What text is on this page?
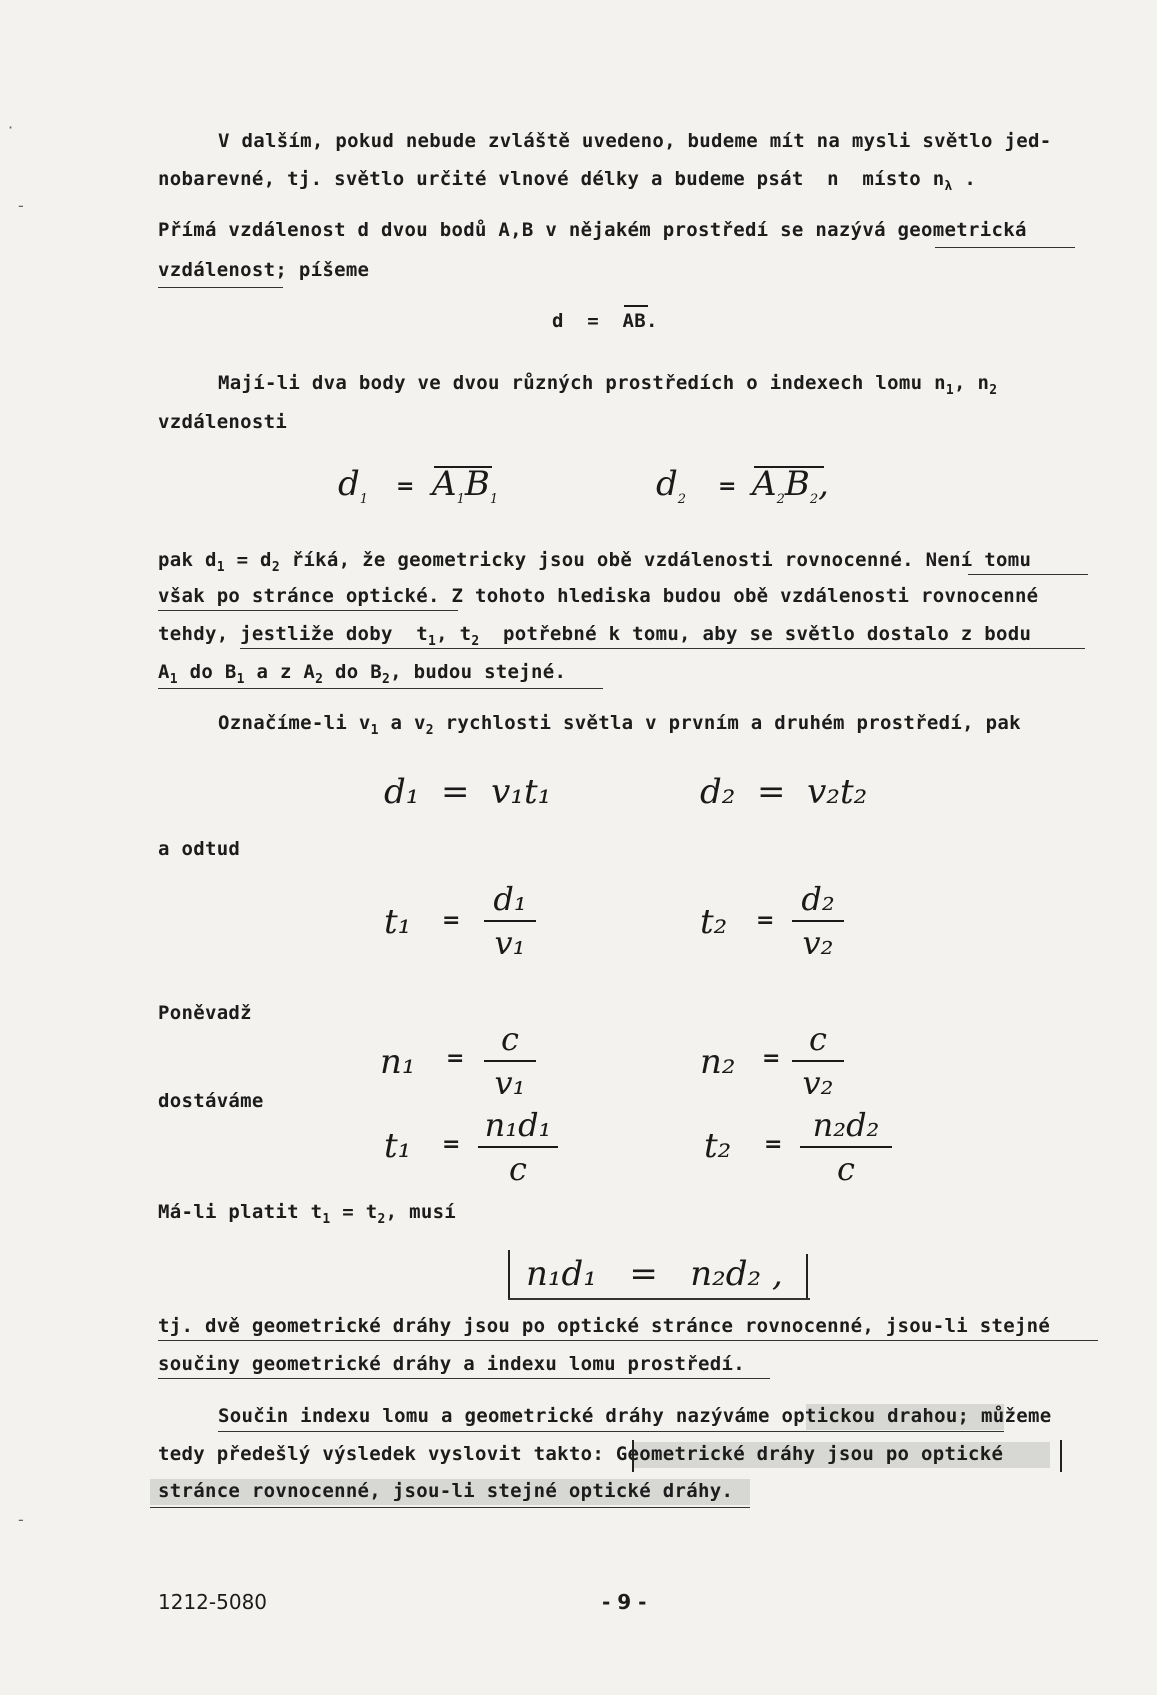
·
‑
‑
V dalším, pokud nebude zvláště uvedeno, budeme mít na mysli světlo jed-
nobarevné, tj. světlo určité vlnové délky a budeme psát  n  místo $n_\lambda$ .
Přímá vzdálenost d dvou bodů A,B v nějakém prostředí se nazývá geometrická
vzdálenost; píšeme
d = AB.
Mají-li dva body ve dvou různých prostředích o indexech lomu $n_1$, $n_2$
vzdálenosti
$d_1$
= $A_1B_1$	$d_2$
= $A_2B_2$,
pak $d_1 = d_2$ říká, že geometricky jsou obě vzdálenosti rovnocenné. Není tomu
však po stránce optické. Z tohoto hlediska budou obě vzdálenosti rovnocenné
tehdy, jestliže doby  $t_1$, $t_2$  potřebné k tomu, aby se světlo dostalo z bodu
$A_1$ do $B_1$ a z $A_2$ do $B_2$, budou stejné.
Označíme-li $v_1$ a $v_2$ rychlosti světla v prvním a druhém prostředí, pak
d₁  =  v₁t₁	d₂  =  v₂t₂
a odtud
t₁ =
d₁
v₁
t₂ =
d₂
v₂
Poněvadž
n₁ =
c
v₁
n₂ =
c
v₂
dostáváme
t₁ =
n₁d₁
c
t₂ =
n₂d₂
c
Má-li platit $t_1 = t_2$, musí
n₁d₁   =   n₂d₂ ,
tj. dvě geometrické dráhy jsou po optické stránce rovnocenné, jsou-li stejné
součiny geometrické dráhy a indexu lomu prostředí.
Součin indexu lomu a geometrické dráhy nazýváme optickou drahou; můžeme
tedy předešlý výsledek vyslovit takto: Geometrické dráhy jsou po optické
stránce rovnocenné, jsou-li stejné optické dráhy.
1212-5080	- 9 -
